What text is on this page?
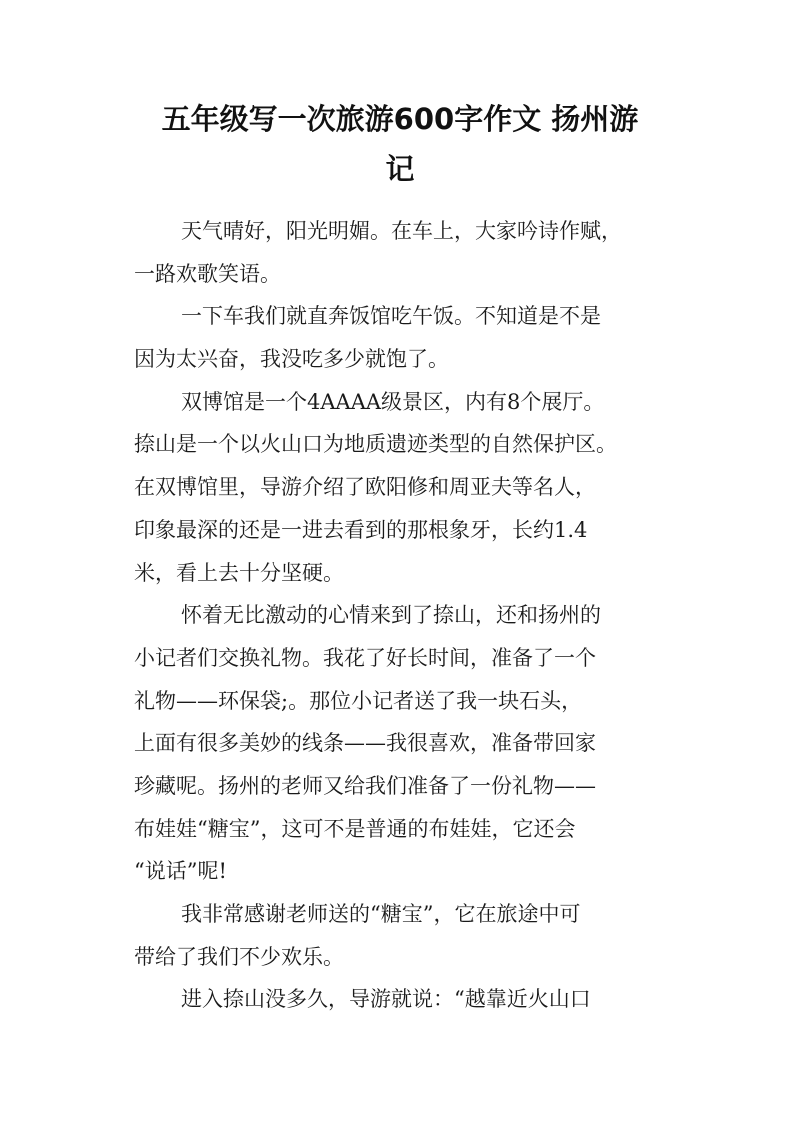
五年级写一次旅游600字作文 扬州游
记
天气晴好，阳光明媚。在车上，大家吟诗作赋，
一路欢歌笑语。
一下车我们就直奔饭馆吃午饭。不知道是不是
因为太兴奋，我没吃多少就饱了。
双博馆是一个4AAAA级景区，内有8个展厅。
捺山是一个以火山口为地质遗迹类型的自然保护区。
在双博馆里，导游介绍了欧阳修和周亚夫等名人，
印象最深的还是一进去看到的那根象牙，长约1.4
米，看上去十分坚硬。
怀着无比激动的心情来到了捺山，还和扬州的
小记者们交换礼物。我花了好长时间，准备了一个
礼物——环保袋;。那位小记者送了我一块石头，
上面有很多美妙的线条——我很喜欢，准备带回家
珍藏呢。扬州的老师又给我们准备了一份礼物——
布娃娃“糖宝”，这可不是普通的布娃娃，它还会
“说话”呢!
我非常感谢老师送的“糖宝”，它在旅途中可
带给了我们不少欢乐。
进入捺山没多久，导游就说：“越靠近火山口
